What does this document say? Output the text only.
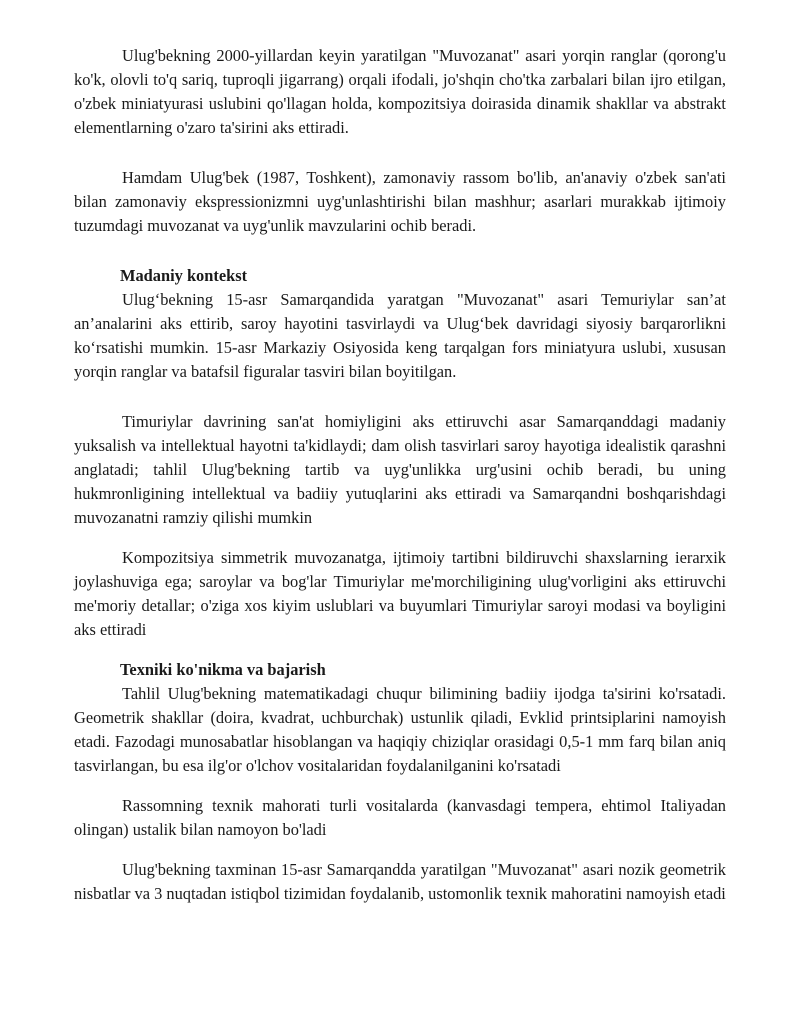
Ulug'bekning 2000-yillardan keyin yaratilgan "Muvozanat" asari yorqin ranglar (qorong'u ko'k, olovli to'q sariq, tuproqli jigarrang) orqali ifodali, jo'shqin cho'tka zarbalari bilan ijro etilgan, o'zbek miniatyurasi uslubini qo'llagan holda, kompozitsiya doirasida dinamik shakllar va abstrakt elementlarning o'zaro ta'sirini aks ettiradi.

Hamdam Ulug'bek (1987, Toshkent), zamonaviy rassom bo'lib, an'anaviy o'zbek san'ati bilan zamonaviy ekspressionizmni uyg'unlashtirishi bilan mashhur; asarlari murakkab ijtimoiy tuzumdagi muvozanat va uyg'unlik mavzularini ochib beradi.

Madaniy kontekst

Ulug‘bekning 15-asr Samarqandida yaratgan "Muvozanat" asari Temuriylar san’at an’analarini aks ettirib, saroy hayotini tasvirlaydi va Ulug‘bek davridagi siyosiy barqarorlikni ko‘rsatishi mumkin. 15-asr Markaziy Osiyosida keng tarqalgan fors miniatyura uslubi, xususan yorqin ranglar va batafsil figuralar tasviri bilan boyitilgan.

Timuriylar davrining san'at homiyligini aks ettiruvchi asar Samarqanddagi madaniy yuksalish va intellektual hayotni ta'kidlaydi; dam olish tasvirlari saroy hayotiga idealistik qarashni anglatadi; tahlil Ulug'bekning tartib va uyg'unlikka urg'usini ochib beradi, bu uning hukmronligining intellektual va badiiy yutuqlarini aks ettiradi va Samarqandni boshqarishdagi muvozanatni ramziy qilishi mumkin

Kompozitsiya simmetrik muvozanatga, ijtimoiy tartibni bildiruvchi shaxslarning ierarxik joylashuviga ega; saroylar va bog'lar Timuriylar me'morchiligining ulug'vorligini aks ettiruvchi me'moriy detallar; o'ziga xos kiyim uslublari va buyumlari Timuriylar saroyi modasi va boyligini aks ettiradi

Texniki ko'nikma va bajarish

Tahlil Ulug'bekning matematikadagi chuqur bilimining badiiy ijodga ta'sirini ko'rsatadi. Geometrik shakllar (doira, kvadrat, uchburchak) ustunlik qiladi, Evklid printsiplarini namoyish etadi. Fazodagi munosabatlar hisoblangan va haqiqiy chiziqlar orasidagi 0,5-1 mm farq bilan aniq tasvirlangan, bu esa ilg'or o'lchov vositalaridan foydalanilganini ko'rsatadi

Rassomning texnik mahorati turli vositalarda (kanvasdagi tempera, ehtimol Italiyadan olingan) ustalik bilan namoyon bo'ladi

Ulug'bekning taxminan 15-asr Samarqandda yaratilgan "Muvozanat" asari nozik geometrik nisbatlar va 3 nuqtadan istiqbol tizimidan foydalanib, ustomonlik texnik mahoratini namoyish etadi
